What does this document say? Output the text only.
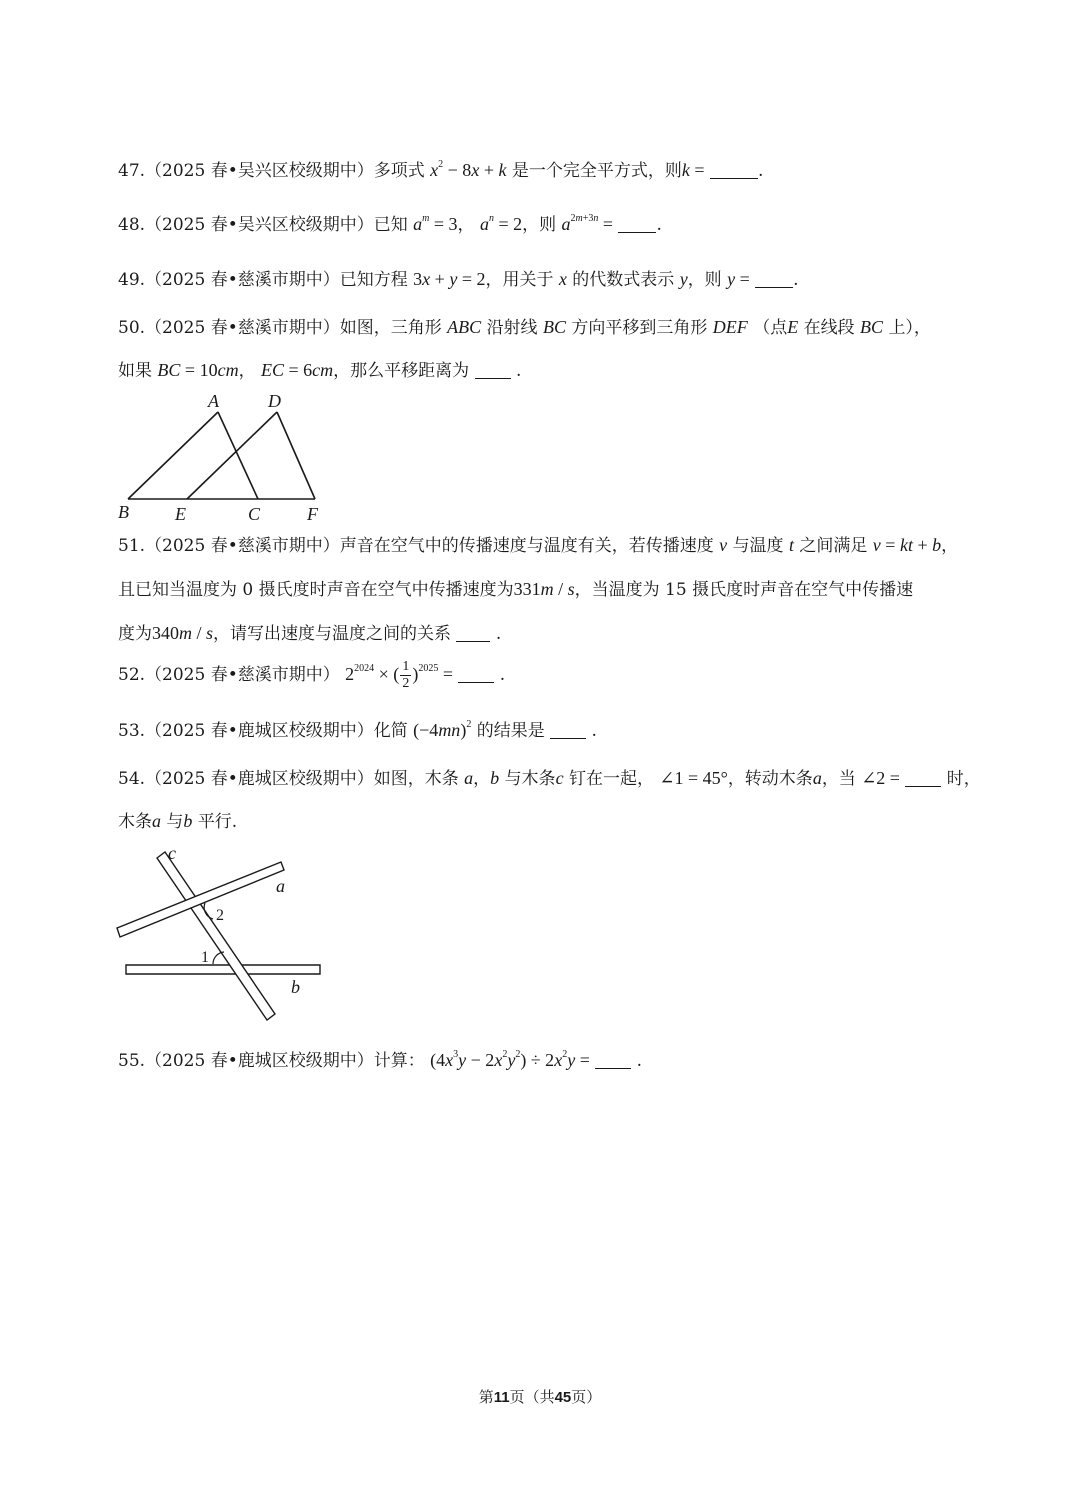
47.（2025 春•吴兴区校级期中）多项式 $x^2 - 8x + k$ 是一个完全平方式，则k =	.
48.（2025 春•吴兴区校级期中）已知 $a^m = 3$， $a^n = 2$，则 $a^{2m+3n}$ =	.
49.（2025 春•慈溪市期中）已知方程 3x + y = 2，用关于 x 的代数式表示 y，则 y =	.
50.（2025 春•慈溪市期中）如图，三角形 ABC 沿射线 BC 方向平移到三角形 DEF （点E 在线段 BC 上），
如果 BC = 10cm， EC = 6cm，那么平移距离为	.
A	D
B	E	C	F
51.（2025 春•慈溪市期中）声音在空气中的传播速度与温度有关，若传播速度 v 与温度 t 之间满足 v = kt + b，
且已知当温度为 0 摄氏度时声音在空气中传播速度为331m / s，当温度为 15 摄氏度时声音在空气中传播速
度为340m / s，请写出速度与温度之间的关系	.
52.（2025 春•慈溪市期中） $2^{2024}$ × ( $\frac{1}{2} )^{2025}$ =	.
53.（2025 春•鹿城区校级期中）化简 $(-4mn)^2$ 的结果是	.
54.（2025 春•鹿城区校级期中）如图，木条 a，b 与木条c 钉在一起， ∠1 = 45°，转动木条a，当 ∠2 =	时，
木条a 与b 平行.
c
a
2
1
b
55.（2025 春•鹿城区校级期中）计算： $(4x^3y - 2x^2y^2) \div 2x^2y$ =	.
第11页（共45页）
